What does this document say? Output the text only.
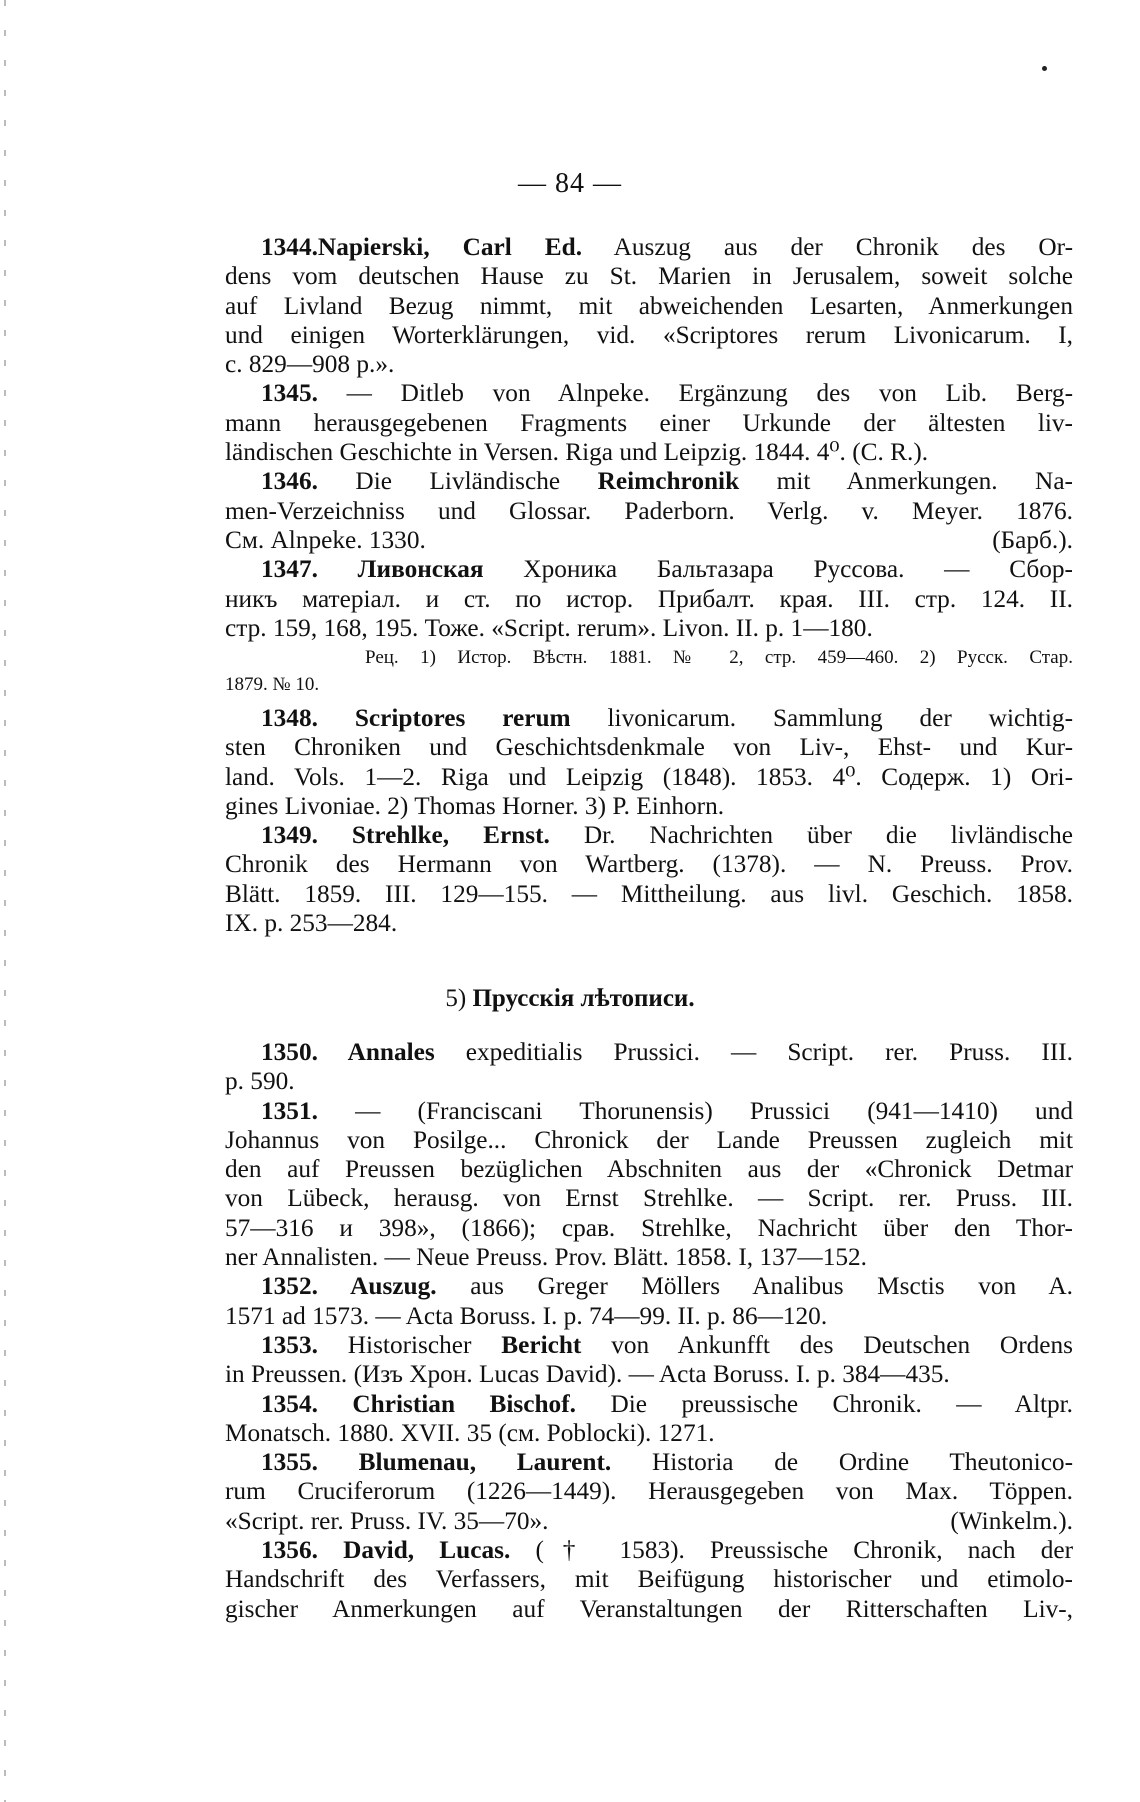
— 84 —
1344.Napierski, Carl Ed. Auszug aus der Chronik des Or-
dens vom deutschen Hause zu St. Marien in Jerusalem, soweit solche
auf Livland Bezug nimmt, mit abweichenden Lesarten, Anmerkungen
und einigen Worterklärungen, vid. «Scriptores rerum Livonicarum. I,
c. 829—908 p.».
1345. — Ditleb von Alnpeke. Ergänzung des von Lib. Berg-
mann herausgegebenen Fragments einer Urkunde der ältesten liv-
ländischen Geschichte in Versen. Riga und Leipzig. 1844. 4⁰. (C. R.).
1346. Die Livländische Reimchronik mit Anmerkungen. Na-
men-Verzeichniss und Glossar. Paderborn. Verlg. v. Meyer. 1876.
См. Alnpeke. 1330.	(Барб.).
1347. Ливонская Хроника Бальтазара Руссова. — Сбор-
никъ матеріал. и ст. по истор. Прибалт. края. III. стр. 124. II.
стр. 159, 168, 195. Тоже. «Script. rerum». Livon. II. p. 1—180.
Рец. 1) Истор. Вѣстн. 1881. № 2, стр. 459—460. 2) Русск. Стар.
1879. № 10.
1348. Scriptores rerum livonicarum. Sammlung der wichtig-
sten Chroniken und Geschichtsdenkmale von Liv-, Ehst- und Kur-
land. Vols. 1—2. Riga und Leipzig (1848). 1853. 4⁰. Содерж. 1) Ori-
gines Livoniae. 2) Thomas Horner. 3) P. Einhorn.
1349. Strehlke, Ernst. Dr. Nachrichten über die livländische
Chronik des Hermann von Wartberg. (1378). — N. Preuss. Prov.
Blätt. 1859. III. 129—155. — Mittheilung. aus livl. Geschich. 1858.
IX. p. 253—284.
5) Прусскія лѣтописи.
1350. Annales expeditialis Prussici. — Script. rer. Pruss. III.
p. 590.
1351. — (Franciscani Thorunensis) Prussici (941—1410) und
Johannus von Posilge... Chronick der Lande Preussen zugleich mit
den auf Preussen bezüglichen Abschniten aus der «Chronick Detmar
von Lübeck, herausg. von Ernst Strehlke. — Script. rer. Pruss. III.
57—316 и 398», (1866); срав. Strehlke, Nachricht über den Thor-
ner Annalisten. — Neue Preuss. Prov. Blätt. 1858. I, 137—152.
1352. Auszug. aus Greger Möllers Analibus Msctis von A.
1571 ad 1573. — Acta Boruss. I. p. 74—99. II. p. 86—120.
1353. Historischer Bericht von Ankunfft des Deutschen Ordens
in Preussen. (Изъ Хрон. Lucas David). — Acta Boruss. I. p. 384—435.
1354. Christian Bischof. Die preussische Chronik. — Altpr.
Monatsch. 1880. XVII. 35 (см. Poblocki). 1271.
1355. Blumenau, Laurent. Historia de Ordine Theutonico-
rum Cruciferorum (1226—1449). Herausgegeben von Max. Töppen.
«Script. rer. Pruss. IV. 35—70».	(Winkelm.).
1356. David, Lucas. († 1583). Preussische Chronik, nach der
Handschrift des Verfassers, mit Beifügung historischer und etimolo-
gischer Anmerkungen auf Veranstaltungen der Ritterschaften Liv-,
